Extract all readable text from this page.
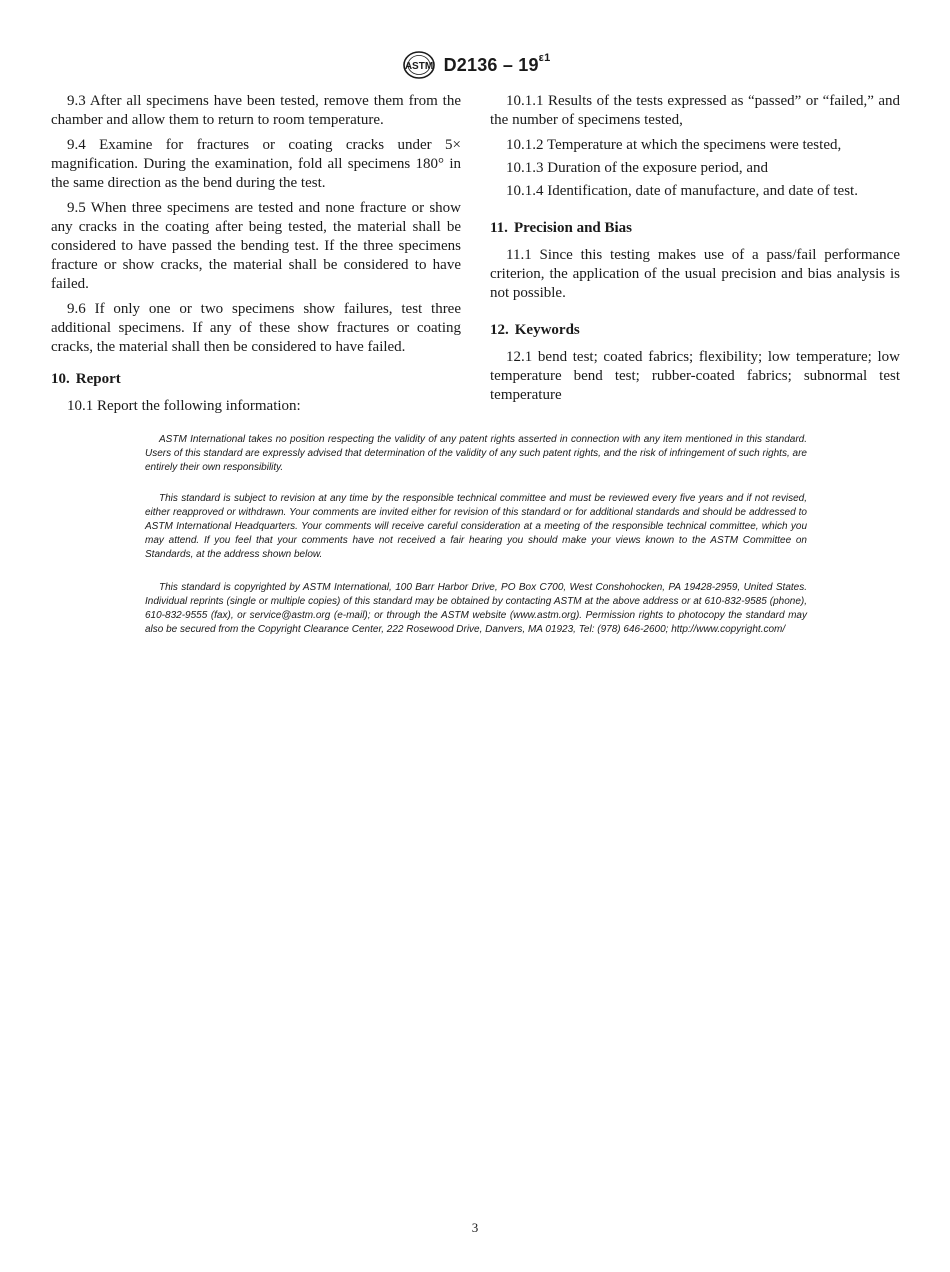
ASTM $D2136 - 19^{\varepsilon 1}$

9.3 After all specimens have been tested, remove them from the chamber and allow them to return to room temperature.

9.4 Examine for fractures or coating cracks under 5× magnification. During the examination, fold all specimens 180° in the same direction as the bend during the test.

9.5 When three specimens are tested and none fracture or show any cracks in the coating after being tested, the material shall be considered to have passed the bending test. If the three specimens fracture or show cracks, the material shall be considered to have failed.

9.6 If only one or two specimens show failures, test three additional specimens. If any of these show fractures or coating cracks, the material shall then be considered to have failed.

10. Report

10.1 Report the following information:

10.1.1 Results of the tests expressed as “passed” or “failed,” and the number of specimens tested,

10.1.2 Temperature at which the specimens were tested,

10.1.3 Duration of the exposure period, and

10.1.4 Identification, date of manufacture, and date of test.

11. Precision and Bias

11.1 Since this testing makes use of a pass/fail performance criterion, the application of the usual precision and bias analysis is not possible.

12. Keywords

12.1 bend test; coated fabrics; flexibility; low temperature; low temperature bend test; rubber-coated fabrics; subnormal test temperature

ASTM International takes no position respecting the validity of any patent rights asserted in connection with any item mentioned in this standard. Users of this standard are expressly advised that determination of the validity of any such patent rights, and the risk of infringement of such rights, are entirely their own responsibility.

This standard is subject to revision at any time by the responsible technical committee and must be reviewed every five years and if not revised, either reapproved or withdrawn. Your comments are invited either for revision of this standard or for additional standards and should be addressed to ASTM International Headquarters. Your comments will receive careful consideration at a meeting of the responsible technical committee, which you may attend. If you feel that your comments have not received a fair hearing you should make your views known to the ASTM Committee on Standards, at the address shown below.

This standard is copyrighted by ASTM International, 100 Barr Harbor Drive, PO Box C700, West Conshohocken, PA 19428-2959, United States. Individual reprints (single or multiple copies) of this standard may be obtained by contacting ASTM at the above address or at 610-832-9585 (phone), 610-832-9555 (fax), or service@astm.org (e-mail); or through the ASTM website (www.astm.org). Permission rights to photocopy the standard may also be secured from the Copyright Clearance Center, 222 Rosewood Drive, Danvers, MA 01923, Tel: (978) 646-2600; http://www.copyright.com/

3
